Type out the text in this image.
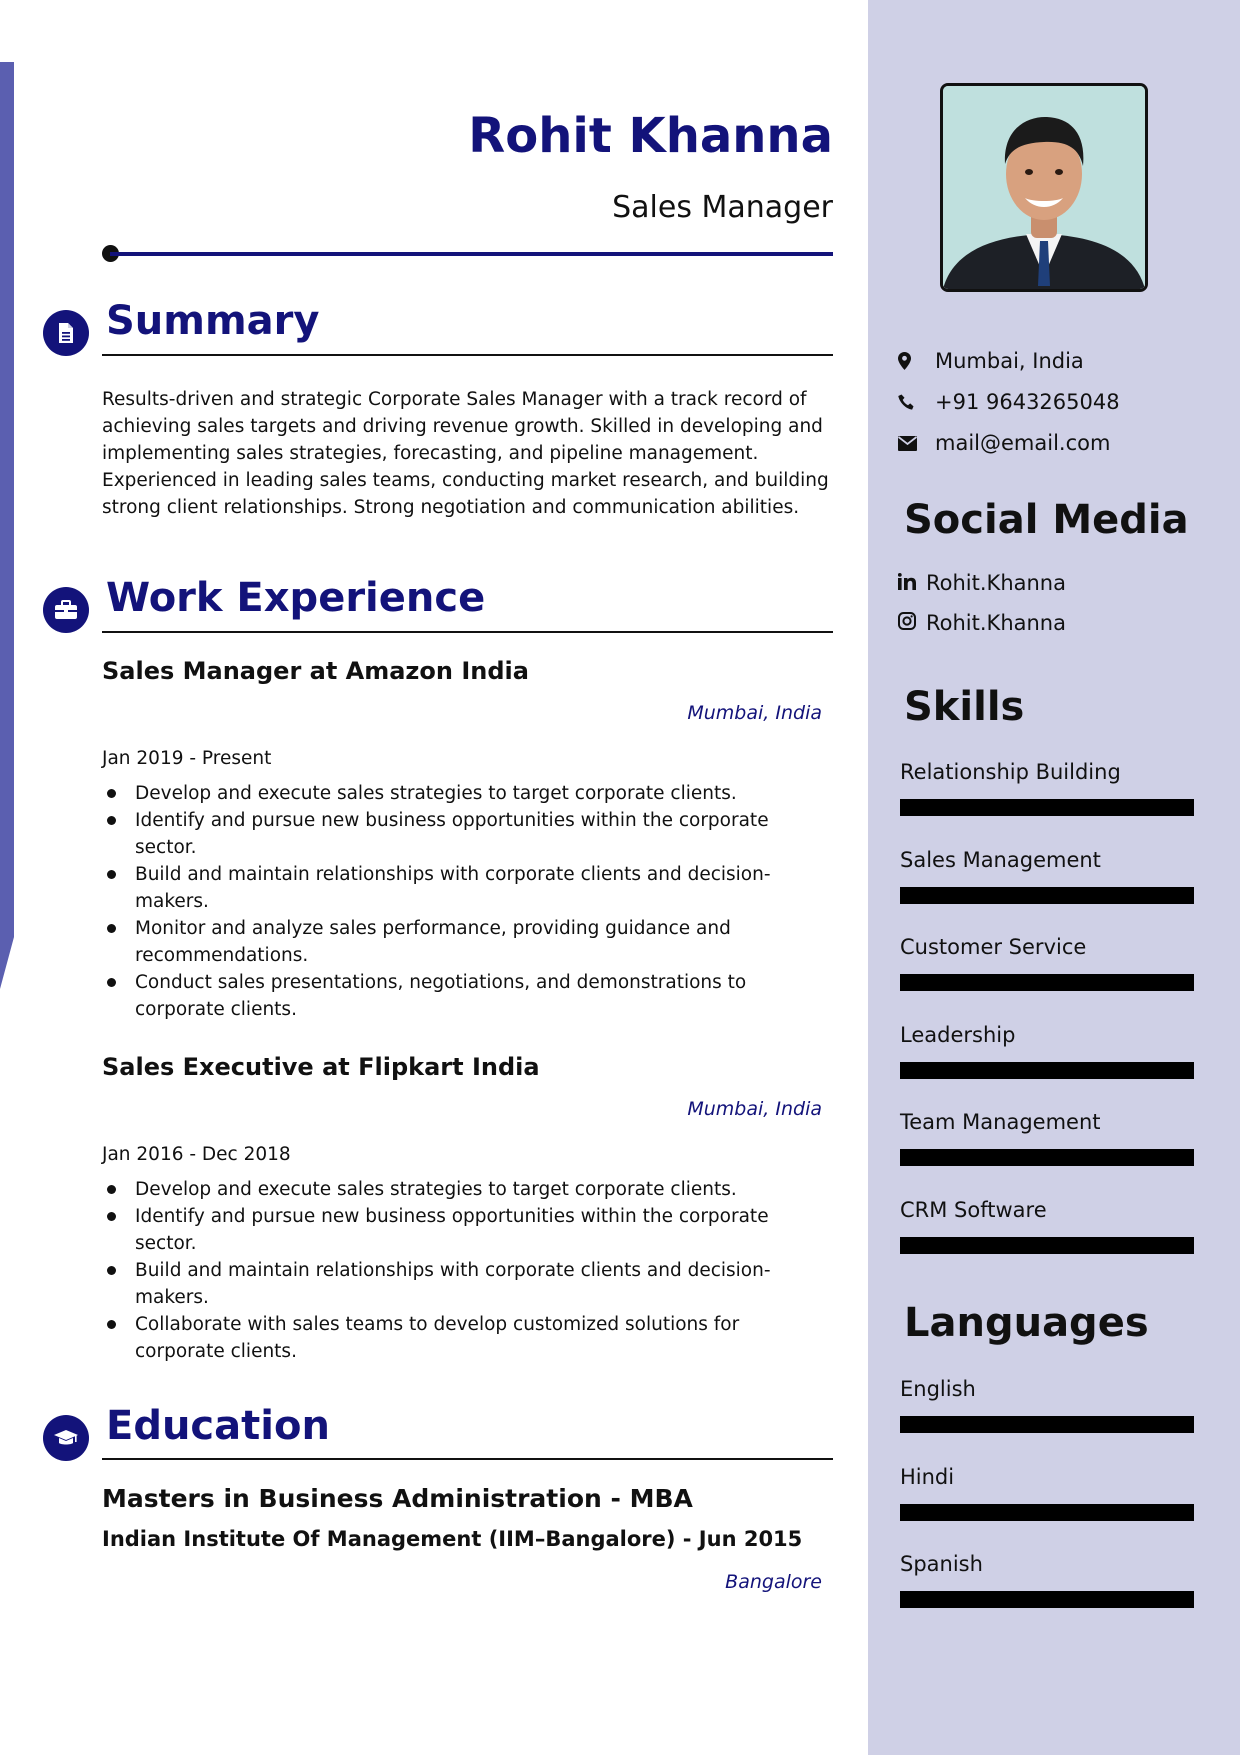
Rohit Khanna
Sales Manager
Summary
Results-driven and strategic Corporate Sales Manager with a track record of achieving sales targets and driving revenue growth. Skilled in developing and implementing sales strategies, forecasting, and pipeline management. Experienced in leading sales teams, conducting market research, and building strong client relationships. Strong negotiation and communication abilities.
Work Experience
Sales Manager at Amazon India
Mumbai, India
Jan 2019 - Present
Develop and execute sales strategies to target corporate clients.
Identify and pursue new business opportunities within the corporate sector.
Build and maintain relationships with corporate clients and decision-makers.
Monitor and analyze sales performance, providing guidance and recommendations.
Conduct sales presentations, negotiations, and demonstrations to corporate clients.
Sales Executive at Flipkart India
Mumbai, India
Jan 2016 - Dec 2018
Develop and execute sales strategies to target corporate clients.
Identify and pursue new business opportunities within the corporate sector.
Build and maintain relationships with corporate clients and decision-makers.
Collaborate with sales teams to develop customized solutions for corporate clients.
Education
Masters in Business Administration - MBA
Indian Institute Of Management (IIM–Bangalore) - Jun 2015
Bangalore
Mumbai, India
+91 9643265048
mail@email.com
Social Media
Rohit.Khanna
Rohit.Khanna
Skills
Relationship Building
Sales Management
Customer Service
Leadership
Team Management
CRM Software
Languages
English
Hindi
Spanish
